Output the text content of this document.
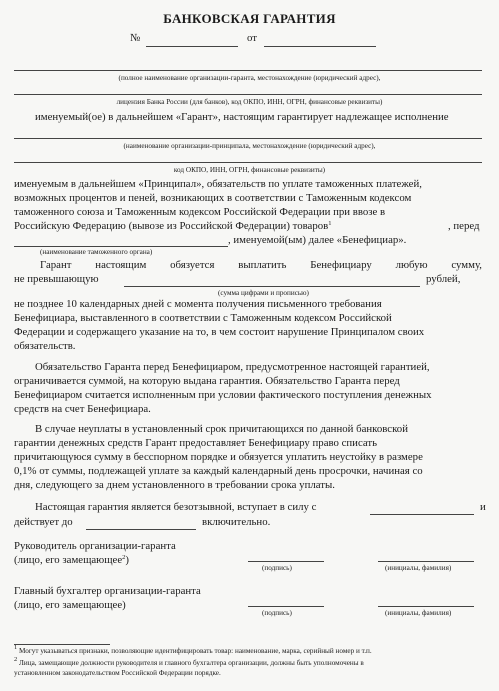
БАНКОВСКАЯ ГАРАНТИЯ
№	от
(полное наименование организации-гаранта, местонахождение (юридический адрес),
лицензия Банка России (для банков), код ОКПО, ИНН, ОГРН, финансовые реквизиты)
именуемый(ое) в дальнейшем «Гарант», настоящим гарантирует надлежащее исполнение
(наименование организации-принципала, местонахождение (юридический адрес),
код ОКПО, ИНН, ОГРН, финансовые реквизиты)
именуемым в дальнейшем «Принципал», обязательств по уплате таможенных платежей,
возможных процентов и пеней, возникающих в соответствии с Таможенным кодексом
таможенного союза и Таможенным кодексом Российской Федерации при ввозе в
Российскую Федерацию (вывозе из Российской Федерации) товаров$^1$	, перед
, именуемой(ым) далее «Бенефициар».
(наименование таможенного органа)
Гарант настоящим обязуется выплатить Бенефициару любую сумму,
не превышающую	рублей,
(сумма цифрами и прописью)
не позднее 10 календарных дней с момента получения письменного требования
Бенефициара, выставленного в соответствии с Таможенным кодексом Российской
Федерации и содержащего указание на то, в чем состоит нарушение Принципалом своих
обязательств.
Обязательство Гаранта перед Бенефициаром, предусмотренное настоящей гарантией,
ограничивается суммой, на которую выдана гарантия. Обязательство Гаранта перед
Бенефициаром считается исполненным при условии фактического поступления денежных
средств на счет Бенефициара.
В случае неуплаты в установленный срок причитающихся по данной банковской
гарантии денежных средств Гарант предоставляет Бенефициару право списать
причитающуюся сумму в бесспорном порядке и обязуется уплатить неустойку в размере
0,1% от суммы, подлежащей уплате за каждый календарный день просрочки, начиная со
дня, следующего за днем установленного в требовании срока уплаты.
Настоящая гарантия является безотзывной, вступает в силу с	и
действует до	включительно.
Руководитель организации-гаранта
(лицо, его замещающее$^2$)
(подпись)	(инициалы, фамилия)
Главный бухгалтер организации-гаранта
(лицо, его замещающее)
(подпись)	(инициалы, фамилия)
$^1$ Могут указываться признаки, позволяющие идентифицировать товар: наименование, марка, серийный номер и т.п.
$^2$ Лица, замещающие должности руководителя и главного бухгалтера организации, должны быть уполномочены в
установленном законодательством Российской Федерации порядке.
